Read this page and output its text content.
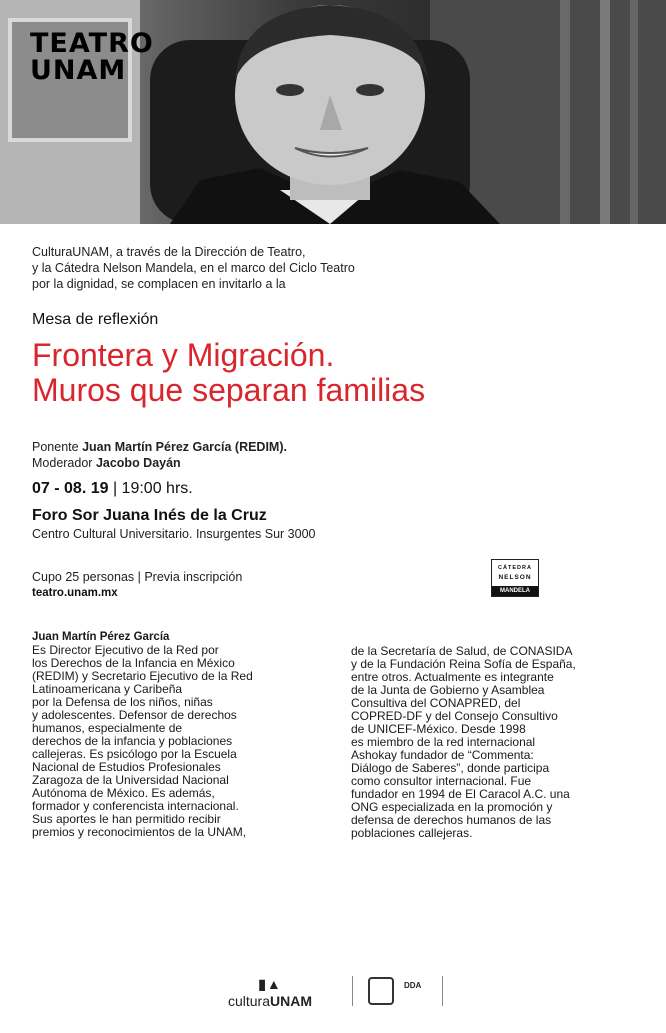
TEATRO
UNAM
CulturaUNAM, a través de la Dirección de Teatro,
y la Cátedra Nelson Mandela, en el marco del Ciclo Teatro
por la dignidad, se complacen en invitarlo a la
Mesa de reflexión
Frontera y Migración.
Muros que separan familias
Ponente Juan Martín Pérez García (REDIM).
Moderador Jacobo Dayán
07 - 08. 19 | 19:00 hrs.
Foro Sor Juana Inés de la Cruz
Centro Cultural Universitario. Insurgentes Sur 3000
Cupo 25 personas | Previa inscripción
teatro.unam.mx
CÁTEDRA
NELSON
MANDELA
Juan Martín Pérez García
Es Director Ejecutivo de la Red por
los Derechos de la Infancia en México
(REDIM) y Secretario Ejecutivo de la Red
Latinoamericana y Caribeña
por la Defensa de los niños, niñas
y adolescentes. Defensor de derechos
humanos, especialmente de
derechos de la infancia y poblaciones
callejeras. Es psicólogo por la Escuela
Nacional de Estudios Profesionales
Zaragoza de la Universidad Nacional
Autónoma de México. Es además,
formador y conferencista internacional.
Sus aportes le han permitido recibir
premios y reconocimientos de la UNAM,
de la Secretaría de Salud, de CONASIDA
y de la Fundación Reina Sofía de España,
entre otros. Actualmente es integrante
de la Junta de Gobierno y Asamblea
Consultiva del CONAPRED, del
COPRED-DF y del Consejo Consultivo
de UNICEF-México. Desde 1998
es miembro de la red internacional
Ashokay fundador de “Commenta:
Diálogo de Saberes”, donde participa
como consultor internacional. Fue
fundador en 1994 de El Caracol A.C. una
ONG especializada en la promoción y
defensa de derechos humanos de las
poblaciones callejeras.
▮▲
culturaUNAM
DDA
